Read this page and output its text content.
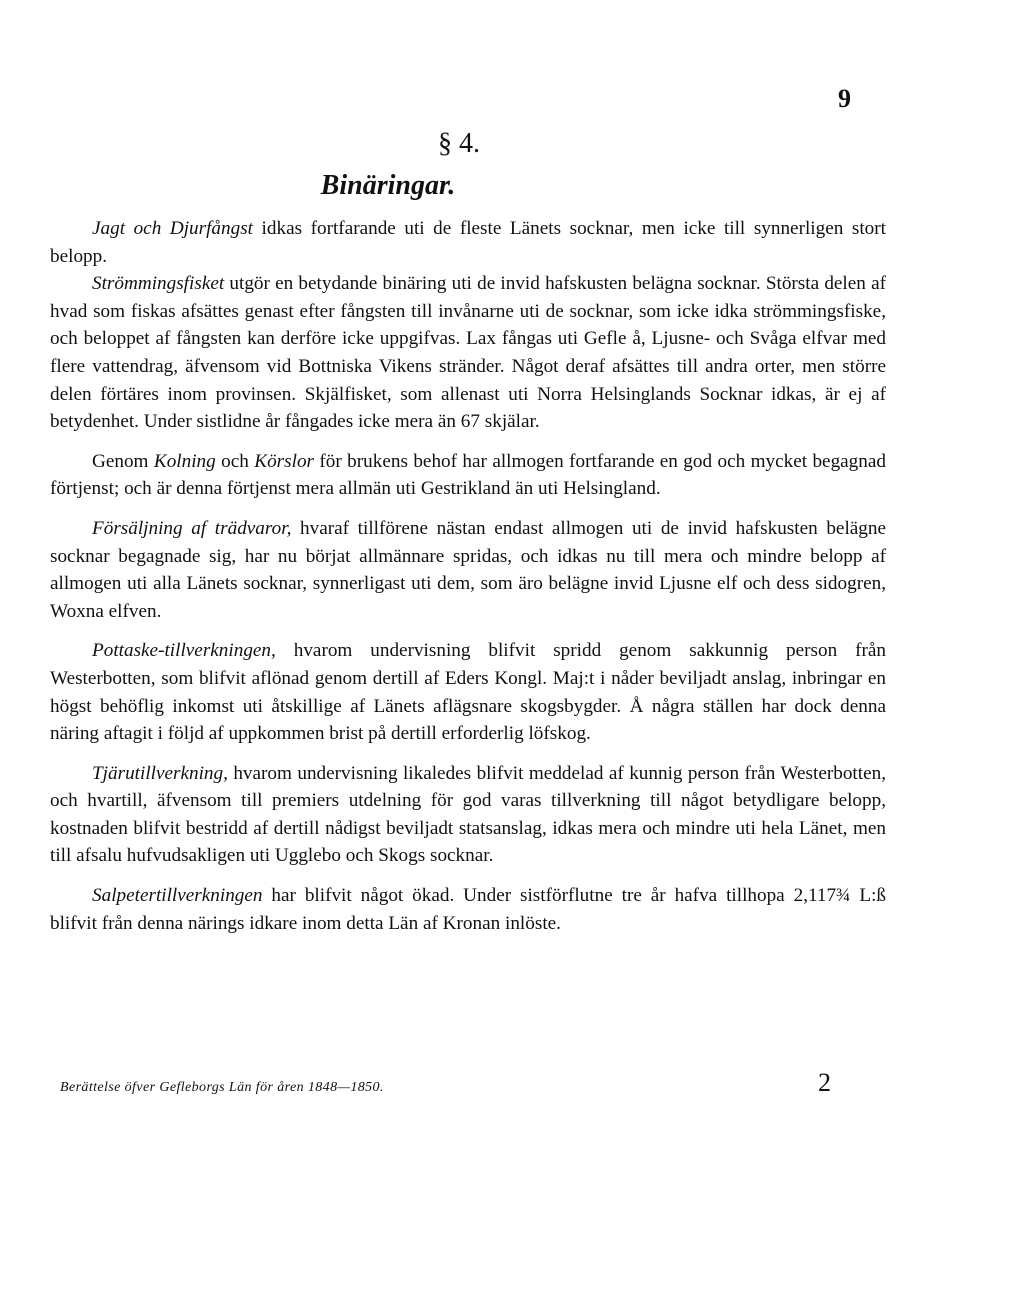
9
§ 4.
Binäringar.

Jagt och Djurfångst idkas fortfarande uti de fleste Länets socknar, men icke till synnerligen stort belopp.

Strömmingsfisket utgör en betydande binäring uti de invid hafskusten belägna socknar. Största delen af hvad som fiskas afsättes genast efter fångsten till invånarne uti de socknar, som icke idka strömmingsfiske, och beloppet af fångsten kan derföre icke uppgifvas. Lax fångas uti Gefle å, Ljusne- och Svåga elfvar med flere vattendrag, äfvensom vid Bottniska Vikens stränder. Något deraf afsättes till andra orter, men större delen förtäres inom provinsen. Skjälfisket, som allenast uti Norra Helsinglands Socknar idkas, är ej af betydenhet. Under sistlidne år fångades icke mera än 67 skjälar.

Genom Kolning och Körslor för brukens behof har allmogen fortfarande en god och mycket begagnad förtjenst; och är denna förtjenst mera allmän uti Gestrikland än uti Helsingland.

Försäljning af trädvaror, hvaraf tillförene nästan endast allmogen uti de invid hafskusten belägne socknar begagnade sig, har nu börjat allmännare spridas, och idkas nu till mera och mindre belopp af allmogen uti alla Länets socknar, synnerligast uti dem, som äro belägne invid Ljusne elf och dess sidogren, Woxna elfven.

Pottaske-tillverkningen, hvarom undervisning blifvit spridd genom sakkunnig person från Westerbotten, som blifvit aflönad genom dertill af Eders Kongl. Maj:t i nåder beviljadt anslag, inbringar en högst behöflig inkomst uti åtskillige af Länets aflägsnare skogsbygder. Å några ställen har dock denna näring aftagit i följd af uppkommen brist på dertill erforderlig löfskog.

Tjärutillverkning, hvarom undervisning likaledes blifvit meddelad af kunnig person från Westerbotten, och hvartill, äfvensom till premiers utdelning för god varas tillverkning till något betydligare belopp, kostnaden blifvit bestridd af dertill nådigst beviljadt statsanslag, idkas mera och mindre uti hela Länet, men till afsalu hufvudsakligen uti Ugglebo och Skogs socknar.

Salpetertillverkningen har blifvit något ökad. Under sistförflutne tre år hafva tillhopa 2,117¾ L:ß blifvit från denna närings idkare inom detta Län af Kronan inlöste.

Berättelse öfver Gefleborgs Län för åren 1848—1850.	2
